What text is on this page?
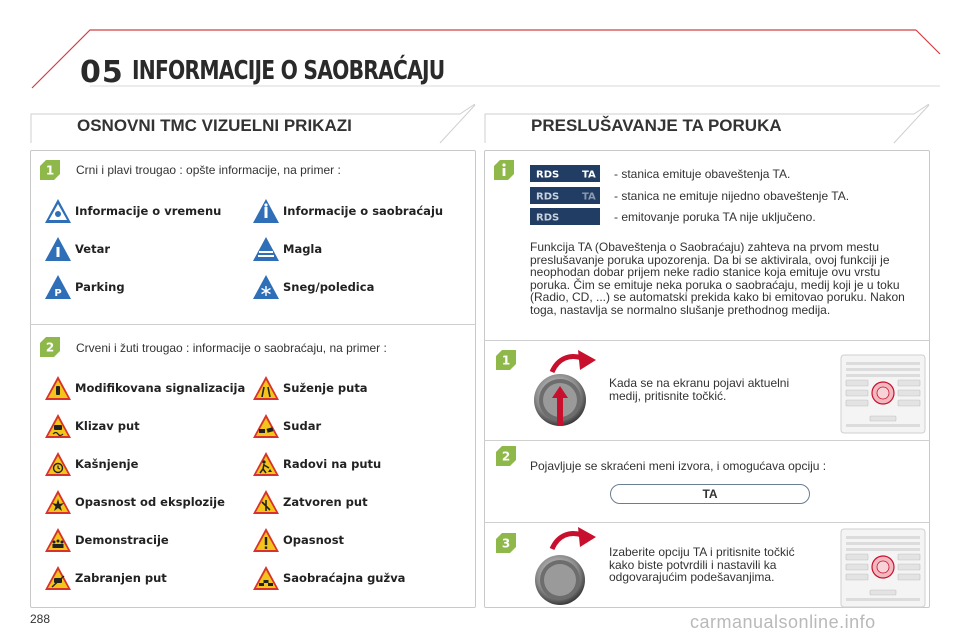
05 INFORMACIJE O SAOBRAĆAJU
OSNOVNI TMC VIZUELNI PRIKAZI	PRESLUŠAVANJE TA PORUKA
1 Crni i plavi trougao : opšte informacije, na primer :
2 Crveni i žuti trougao : informacije o saobraćaju, na primer :
Informacije o vremenu	Informacije o saobraćaju
Vetar	Magla
P Parking	Sneg/poledica
Modifikovana signalizacija	Suženje puta
Klizav put	Sudar
Kašnjenje	Radovi na putu
Opasnost od eksplozije	Zatvoren put
Demonstracije	Opasnost
Zabranjen put	Saobraćajna gužva
RDS TA - stanica emituje obaveštenja TA.
RDS TA - stanica ne emituje nijedno obaveštenje TA.
RDS	- emitovanje poruka TA nije uključeno.
Funkcija TA (Obaveštenja o Saobraćaju) zahteva na prvom mestu preslušavanje poruka upozorenja. Da bi se aktivirala, ovoj funkciji je neophodan dobar prijem neke radio stanice koja emituje ovu vrstu poruka. Čim se emituje neka poruka o saobraćaju, medij koji je u toku (Radio, CD, ...) se automatski prekida kako bi emitovao poruku. Nakon toga, nastavlja se normalno slušanje prethodnog medija.
1
Kada se na ekranu pojavi aktuelni medij, pritisnite točkić.
2
Pojavljuje se skraćeni meni izvora, i omogućava opciju :
TA
3
Izaberite opciju TA i pritisnite točkić kako biste potvrdili i nastavili ka odgovarajućim podešavanjima.
288	carmanualsonline.info
